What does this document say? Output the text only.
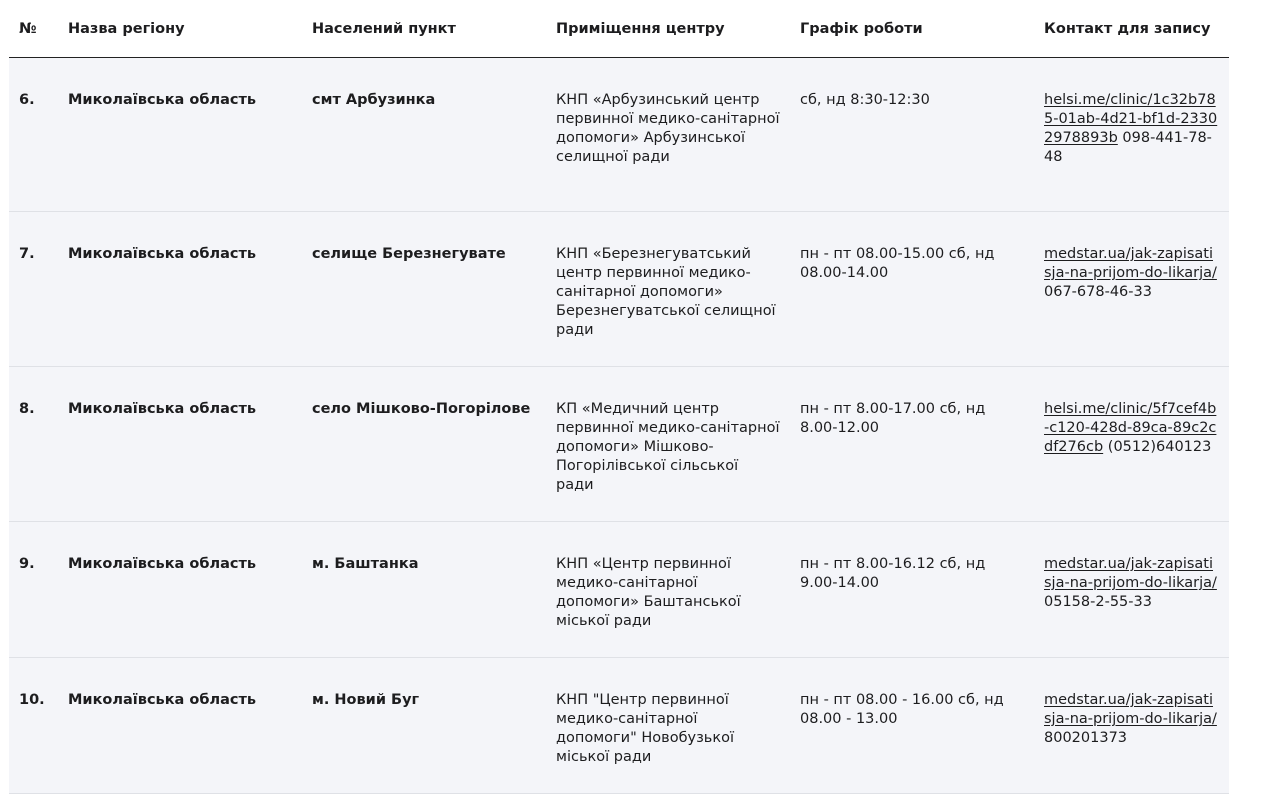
№	Назва регіону	Населений пункт	Приміщення центру	Графік роботи	Контакт для запису
6.	Миколаївська область	смт Арбузинка	КНП «Арбузинський центр первинної медико-санітарної допомоги» Арбузинської селищної ради	сб, нд 8:30-12:30	helsi.me/clinic/1c32b785-01ab-4d21-bf1d-23302978893b 098-441-78-48
7.	Миколаївська область	селище Березнегувате	КНП «Березнегуватський центр первинної медико-санітарної допомоги» Березнегуватської селищної ради	пн - пт 08.00-15.00 сб, нд 08.00-14.00	medstar.ua/jak-zapisatisja-na-prijom-do-likarja/ 067-678-46-33
8.	Миколаївська область	село Мішково-Погорілове	КП «Медичний центр первинної медико-санітарної допомоги» Мішково-Погорілівської сільської ради	пн - пт 8.00-17.00 сб, нд 8.00-12.00	helsi.me/clinic/5f7cef4b-c120-428d-89ca-89c2cdf276cb (0512)640123
9.	Миколаївська область	м. Баштанка	КНП «Центр первинної медико-санітарної допомоги» Баштанської міської ради	пн - пт 8.00-16.12 сб, нд 9.00-14.00	medstar.ua/jak-zapisatisja-na-prijom-do-likarja/ 05158-2-55-33
10.	Миколаївська область	м. Новий Буг	КНП "Центр первинної медико-санітарної допомоги" Новобузької міської ради	пн - пт 08.00 - 16.00 сб, нд 08.00 - 13.00	medstar.ua/jak-zapisatisja-na-prijom-do-likarja/ 800201373
